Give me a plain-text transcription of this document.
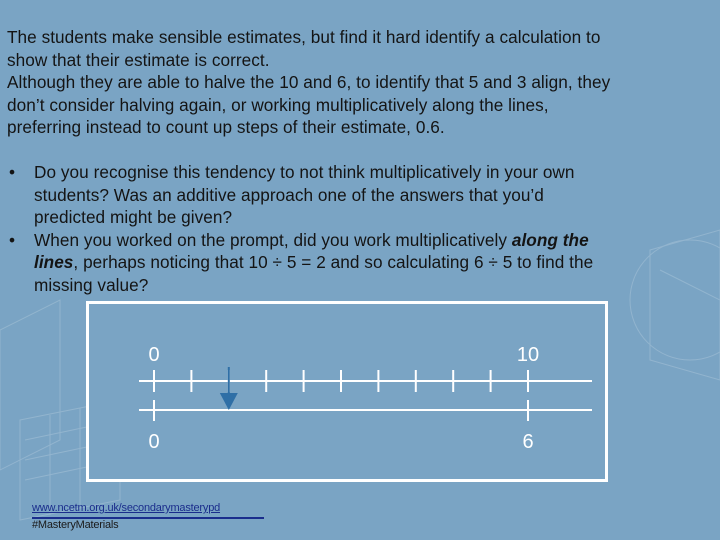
The students make sensible estimates, but find it hard identify a calculation to
show that their estimate is correct.
Although they are able to halve the 10 and 6, to identify that 5 and 3 align, they
don’t consider halving again, or working multiplicatively along the lines,
preferring instead to count up steps of their estimate, 0.6.
• Do you recognise this tendency to not think multiplicatively in your own
students? Was an additive approach one of the answers that you’d
predicted might be given?
• When you worked on the prompt, did you work multiplicatively along the
lines, perhaps noticing that 10 ÷ 5 = 2 and so calculating 6 ÷ 5 to find the
missing value?
0	10
0	6
www.ncetm.org.uk/secondarymasterypd
#MasteryMaterials
